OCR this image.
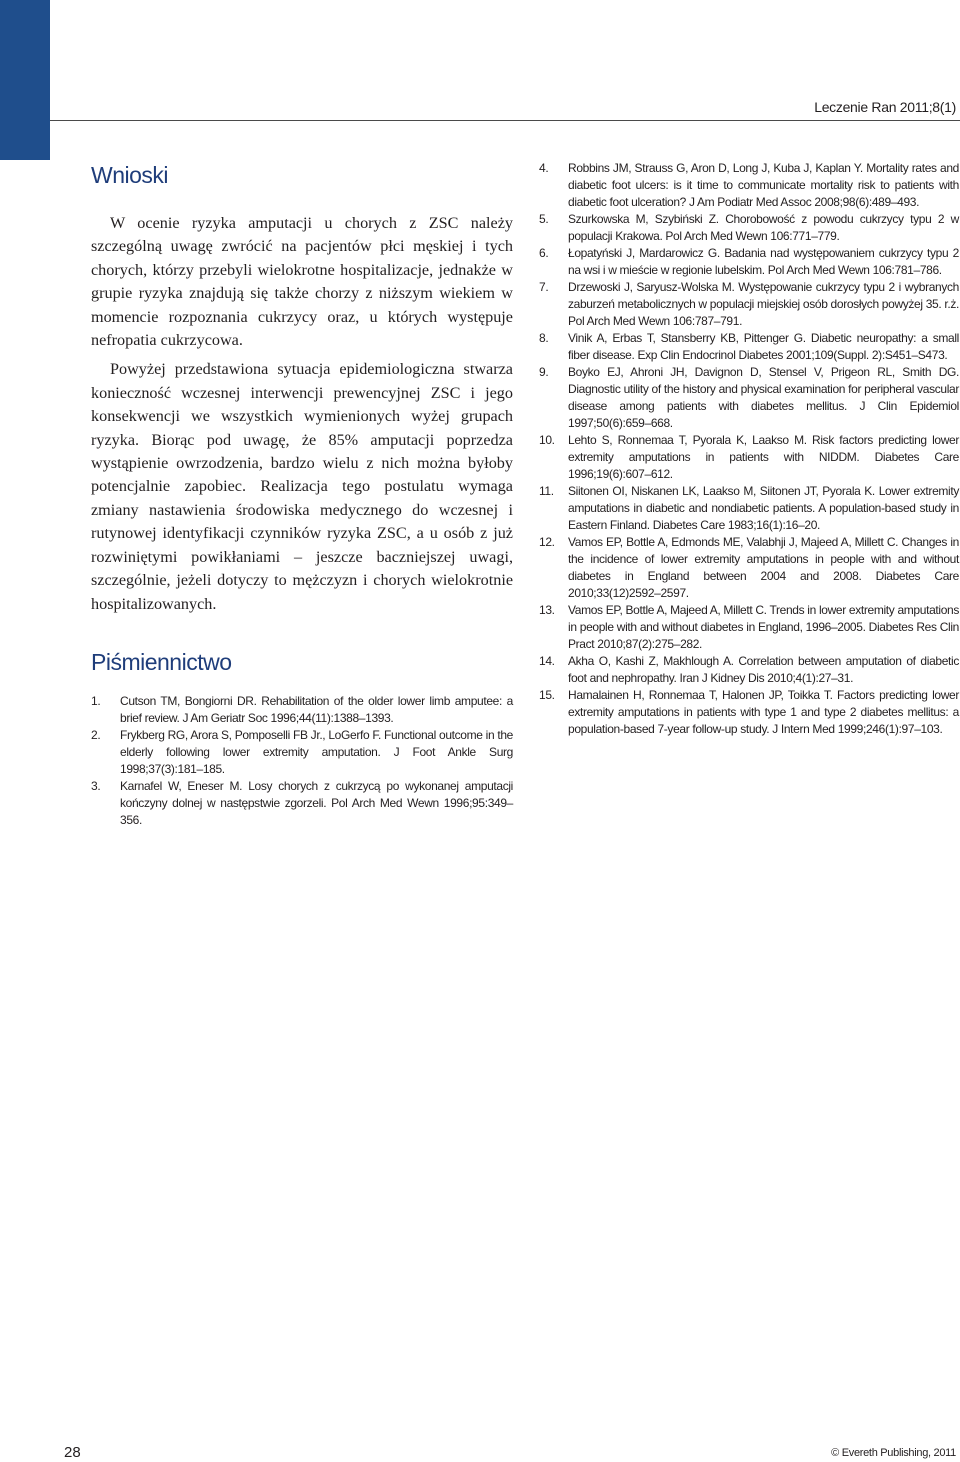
Leczenie Ran 2011;8(1)
Wnioski

W ocenie ryzyka amputacji u chorych z ZSC należy szczególną uwagę zwrócić na pacjentów płci męskiej i tych chorych, którzy przebyli wielokrotne hospitalizacje, jednakże w grupie ryzyka znajdują się także chorzy z niższym wiekiem w momencie rozpoznania cukrzycy oraz, u których występuje nefropatia cukrzycowa.

Powyżej przedstawiona sytuacja epidemiologiczna stwarza konieczność wczesnej interwencji prewencyjnej ZSC i jego konsekwencji we wszystkich wymienionych wyżej grupach ryzyka. Biorąc pod uwagę, że 85% amputacji poprzedza wystąpienie owrzodzenia, bardzo wielu z nich można byłoby potencjalnie zapobiec. Realizacja tego postulatu wymaga zmiany nastawienia środowiska medycznego do wczesnej i rutynowej identyfikacji czynników ryzyka ZSC, a u osób z już rozwiniętymi powikłaniami – jeszcze baczniejszej uwagi, szczególnie, jeżeli dotyczy to mężczyzn i chorych wielokrotnie hospitalizowanych.

Piśmiennictwo
1.	Cutson TM, Bongiorni DR. Rehabilitation of the older lower limb amputee: a brief review. J Am Geriatr Soc 1996;44(11):1388–1393.
2.	Frykberg RG, Arora S, Pomposelli FB Jr., LoGerfo F. Functional outcome in the elderly following lower extremity amputation. J Foot Ankle Surg 1998;37(3):181–185.
3.	Karnafel W, Eneser M. Losy chorych z cukrzycą po wykonanej amputacji kończyny dolnej w następstwie zgorzeli. Pol Arch Med Wewn 1996;95:349–356.
4.	Robbins JM, Strauss G, Aron D, Long J, Kuba J, Kaplan Y. Mortality rates and diabetic foot ulcers: is it time to communicate mortality risk to patients with diabetic foot ulceration? J Am Podiatr Med Assoc 2008;98(6):489–493.
5.	Szurkowska M, Szybiński Z. Chorobowość z powodu cukrzycy typu 2 w populacji Krakowa. Pol Arch Med Wewn 106:771–779.
6.	Łopatyński J, Mardarowicz G. Badania nad występowaniem cukrzycy typu 2 na wsi i w mieście w regionie lubelskim. Pol Arch Med Wewn 106:781–786.
7.	Drzewoski J, Saryusz-Wolska M. Występowanie cukrzycy typu 2 i wybranych zaburzeń metabolicznych w populacji miejskiej osób dorosłych powyżej 35. r.ż. Pol Arch Med Wewn 106:787–791.
8.	Vinik A, Erbas T, Stansberry KB, Pittenger G. Diabetic neuropathy: a small fiber disease. Exp Clin Endocrinol Diabetes 2001;109(Suppl. 2):S451–S473.
9.	Boyko EJ, Ahroni JH, Davignon D, Stensel V, Prigeon RL, Smith DG. Diagnostic utility of the history and physical examination for peripheral vascular disease among patients with diabetes mellitus. J Clin Epidemiol 1997;50(6):659–668.
10.	Lehto S, Ronnemaa T, Pyorala K, Laakso M. Risk factors predicting lower extremity amputations in patients with NIDDM. Diabetes Care 1996;19(6):607–612.
11.	Siitonen OI, Niskanen LK, Laakso M, Siitonen JT, Pyorala K. Lower extremity amputations in diabetic and nondiabetic patients. A population-based study in Eastern Finland. Diabetes Care 1983;16(1):16–20.
12.	Vamos EP, Bottle A, Edmonds ME, Valabhji J, Majeed A, Millett C. Changes in the incidence of lower extremity amputations in people with and without diabetes in England between 2004 and 2008. Diabetes Care 2010;33(12)2592–2597.
13.	Vamos EP, Bottle A, Majeed A, Millett C. Trends in lower extremity amputations in people with and without diabetes in England, 1996–2005. Diabetes Res Clin Pract 2010;87(2):275–282.
14.	Akha O, Kashi Z, Makhlough A. Correlation between amputation of diabetic foot and nephropathy. Iran J Kidney Dis 2010;4(1):27–31.
15.	Hamalainen H, Ronnemaa T, Halonen JP, Toikka T. Factors predicting lower extremity amputations in patients with type 1 and type 2 diabetes mellitus: a population-based 7-year follow-up study. J Intern Med 1999;246(1):97–103.
28	© Evereth Publishing, 2011
